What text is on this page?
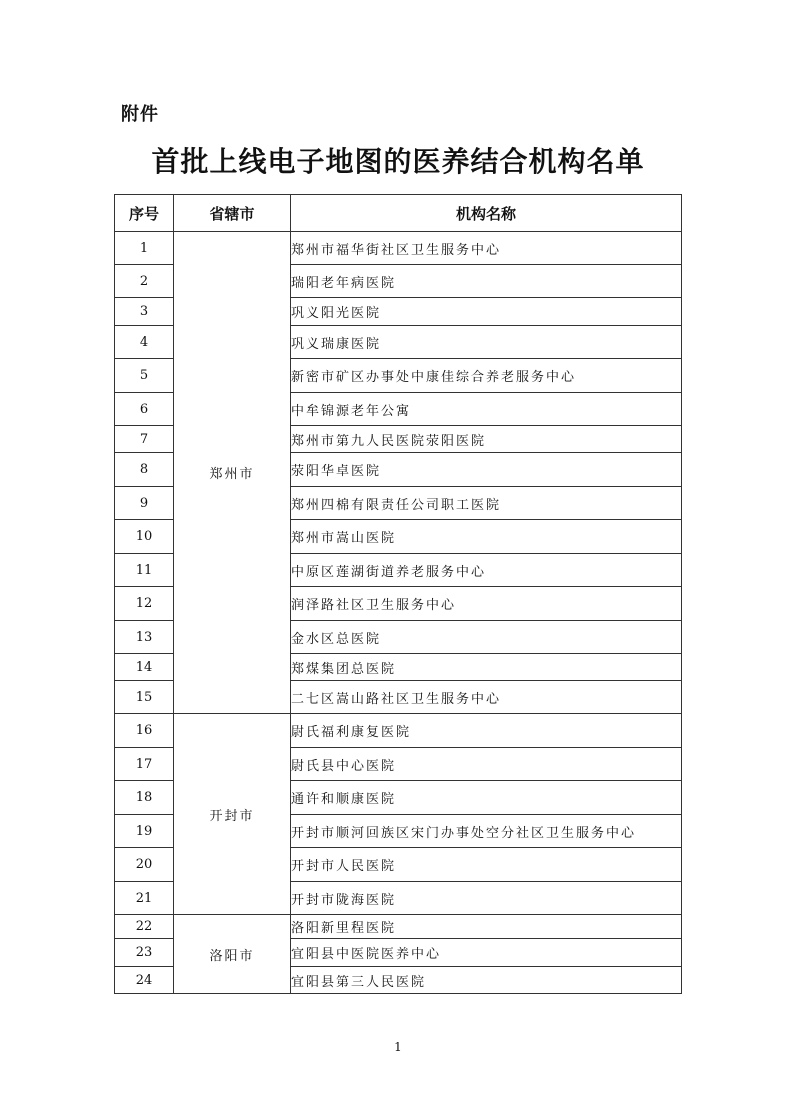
附件
首批上线电子地图的医养结合机构名单
序号	省辖市	机构名称
1	郑州市	郑州市福华街社区卫生服务中心
2		瑞阳老年病医院
3		巩义阳光医院
4		巩义瑞康医院
5		新密市矿区办事处中康佳综合养老服务中心
6		中牟锦源老年公寓
7		郑州市第九人民医院荥阳医院
8		荥阳华卓医院
9		郑州四棉有限责任公司职工医院
10		郑州市嵩山医院
11		中原区莲湖街道养老服务中心
12		润泽路社区卫生服务中心
13		金水区总医院
14		郑煤集团总医院
15		二七区嵩山路社区卫生服务中心
16	开封市	尉氏福利康复医院
17		尉氏县中心医院
18		通许和顺康医院
19		开封市顺河回族区宋门办事处空分社区卫生服务中心
20		开封市人民医院
21		开封市陇海医院
22	洛阳市	洛阳新里程医院
23		宜阳县中医院医养中心
24		宜阳县第三人民医院
1
